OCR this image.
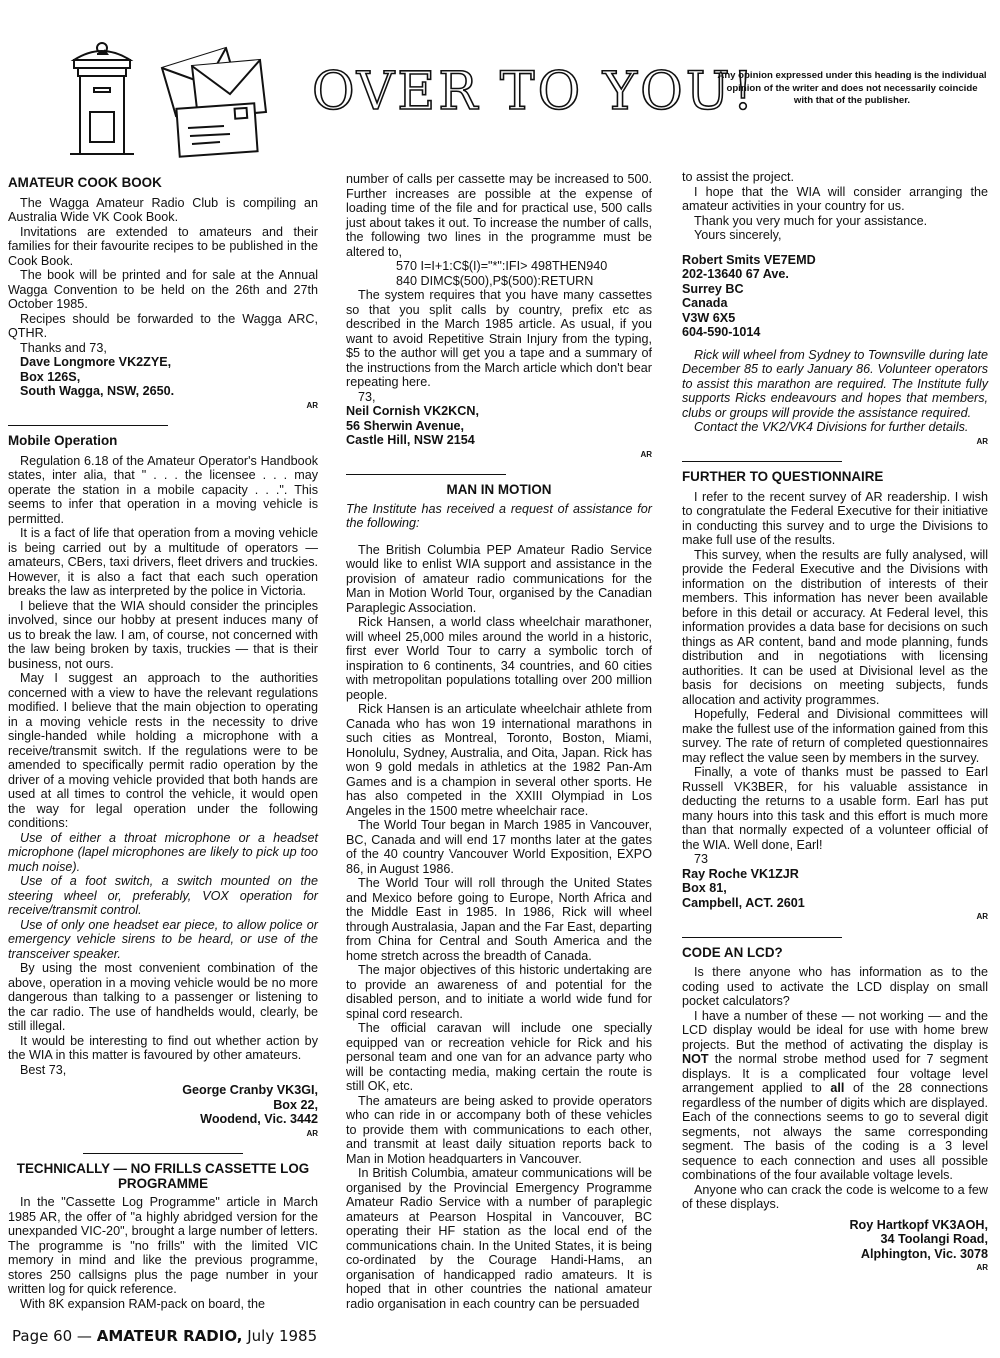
OVER TO YOU!
Any opinion expressed under this heading is the individual opinion of the writer and does not necessarily coincide with that of the publisher.
AMATEUR COOK BOOK

The Wagga Amateur Radio Club is compiling an Australia Wide VK Cook Book.

Invitations are extended to amateurs and their families for their favourite recipes to be published in the Cook Book.

The book will be printed and for sale at the Annual Wagga Convention to be held on the 26th and 27th October 1985.

Recipes should be forwarded to the Wagga ARC, QTHR.

Thanks and 73,

Dave Longmore VK2ZYE,

Box 126S,

South Wagga, NSW, 2650.

AR

Mobile Operation

Regulation 6.18 of the Amateur Operator's Handbook states, inter alia, that " . . . the licensee . . . may operate the station in a mobile capacity . . .". This seems to infer that operation in a moving vehicle is permitted.

It is a fact of life that operation from a moving vehicle is being carried out by a multitude of operators — amateurs, CBers, taxi drivers, fleet drivers and truckies. However, it is also a fact that each such operation breaks the law as interpreted by the police in Victoria.

I believe that the WIA should consider the principles involved, since our hobby at present induces many of us to break the law. I am, of course, not concerned with the law being broken by taxis, truckies — that is their business, not ours.

May I suggest an approach to the authorities concerned with a view to have the relevant regulations modified. I believe that the main objection to operating in a moving vehicle rests in the necessity to drive single-handed while holding a microphone with a receive/transmit switch. If the regulations were to be amended to specifically permit radio operation by the driver of a moving vehicle provided that both hands are used at all times to control the vehicle, it would open the way for legal operation under the following conditions:

Use of either a throat microphone or a headset microphone (lapel microphones are likely to pick up too much noise).

Use of a foot switch, a switch mounted on the steering wheel or, preferably, VOX operation for receive/transmit control.

Use of only one headset ear piece, to allow police or emergency vehicle sirens to be heard, or use of the transceiver speaker.

By using the most convenient combination of the above, operation in a moving vehicle would be no more dangerous than talking to a passenger or listening to the car radio. The use of handhelds would, clearly, be still illegal.

It would be interesting to find out whether action by the WIA in this matter is favoured by other amateurs.

Best 73,

George Cranby VK3GI,

Box 22,

Woodend, Vic. 3442

AR

TECHNICALLY — NO FRILLS CASSETTE LOG PROGRAMME

In the "Cassette Log Programme" article in March 1985 AR, the offer of "a highly abridged version for the unexpanded VIC-20", brought a large number of letters. The programme is "no frills" with the limited VIC memory in mind and like the previous programme, stores 250 callsigns plus the page number in your written log for quick reference.

With 8K expansion RAM-pack on board, the

number of calls per cassette may be increased to 500. Further increases are possible at the expense of loading time of the file and for practical use, 500 calls just about takes it out. To increase the number of calls, the following two lines in the programme must be altered to,

570 I=I+1:C$(I)="*":IFI> 498THEN940

840 DIMC$(500),P$(500):RETURN

The system requires that you have many cassettes so that you split calls by country, prefix etc as described in the March 1985 article. As usual, if you want to avoid Repetitive Strain Injury from the typing, $5 to the author will get you a tape and a summary of the instructions from the March article which don't bear repeating here.

73,

Neil Cornish VK2KCN,

56 Sherwin Avenue,

Castle Hill, NSW 2154

AR

MAN IN MOTION

The Institute has received a request of assistance for the following:

The British Columbia PEP Amateur Radio Service would like to enlist WIA support and assistance in the provision of amateur radio communications for the Man in Motion World Tour, organised by the Canadian Paraplegic Association.

Rick Hansen, a world class wheelchair marathoner, will wheel 25,000 miles around the world in a historic, first ever World Tour to carry a symbolic torch of inspiration to 6 continents, 34 countries, and 60 cities with metropolitan populations totalling over 200 million people.

Rick Hansen is an articulate wheelchair athlete from Canada who has won 19 international marathons in such cities as Montreal, Toronto, Boston, Miami, Honolulu, Sydney, Australia, and Oita, Japan. Rick has won 9 gold medals in athletics at the 1982 Pan-Am Games and is a champion in several other sports. He has also competed in the XXIII Olympiad in Los Angeles in the 1500 metre wheelchair race.

The World Tour began in March 1985 in Vancouver, BC, Canada and will end 17 months later at the gates of the 40 country Vancouver World Exposition, EXPO 86, in August 1986.

The World Tour will roll through the United States and Mexico before going to Europe, North Africa and the Middle East in 1985. In 1986, Rick will wheel through Australasia, Japan and the Far East, departing from China for Central and South America and the home stretch across the breadth of Canada.

The major objectives of this historic undertaking are to provide an awareness of and potential for the disabled person, and to initiate a world wide fund for spinal cord research.

The official caravan will include one specially equipped van or recreation vehicle for Rick and his personal team and one van for an advance party who will be contacting media, making certain the route is still OK, etc.

The amateurs are being asked to provide operators who can ride in or accompany both of these vehicles to provide them with communications to each other, and transmit at least daily situation reports back to Man in Motion headquarters in Vancouver.

In British Columbia, amateur communications will be organised by the Provincial Emergency Programme Amateur Radio Service with a number of paraplegic amateurs at Pearson Hospital in Vancouver, BC operating their HF station as the local end of the communications chain. In the United States, it is being co-ordinated by the Courage Handi-Hams, an organisation of handicapped radio amateurs. It is hoped that in other countries the national amateur radio organisation in each country can be persuaded

to assist the project.

I hope that the WIA will consider arranging the amateur activities in your country for us.

Thank you very much for your assistance.

Yours sincerely,

Robert Smits VE7EMD

202-13640 67 Ave.

Surrey BC

Canada

V3W 6X5

604-590-1014

Rick will wheel from Sydney to Townsville during late December 85 to early January 86. Volunteer operators to assist this marathon are required. The Institute fully supports Ricks endeavours and hopes that members, clubs or groups will provide the assistance required.

Contact the VK2/VK4 Divisions for further details.

AR

FURTHER TO QUESTIONNAIRE

I refer to the recent survey of AR readership. I wish to congratulate the Federal Executive for their initiative in conducting this survey and to urge the Divisions to make full use of the results.

This survey, when the results are fully analysed, will provide the Federal Executive and the Divisions with information on the distribution of interests of their members. This information has never been available before in this detail or accuracy. At Federal level, this information provides a data base for decisions on such things as AR content, band and mode planning, funds distribution and in negotiations with licensing authorities. It can be used at Divisional level as the basis for decisions on meeting subjects, funds allocation and activity programmes.

Hopefully, Federal and Divisional committees will make the fullest use of the information gained from this survey. The rate of return of completed questionnaires may reflect the value seen by members in the survey.

Finally, a vote of thanks must be passed to Earl Russell VK3BER, for his valuable assistance in deducting the returns to a usable form. Earl has put many hours into this task and this effort is much more than that normally expected of a volunteer official of the WIA. Well done, Earl!

73

Ray Roche VK1ZJR

Box 81,

Campbell, ACT. 2601

AR

CODE AN LCD?

Is there anyone who has information as to the coding used to activate the LCD display on small pocket calculators?

I have a number of these — not working — and the LCD display would be ideal for use with home brew projects. But the method of activating the display is NOT the normal strobe method used for 7 segment displays. It is a complicated four voltage level arrangement applied to all of the 28 connections regardless of the number of digits which are displayed. Each of the connections seems to go to several digit segments, not always the same corresponding segment. The basis of the coding is a 3 level sequence to each connection and uses all possible combinations of the four available voltage levels.

Anyone who can crack the code is welcome to a few of these displays.

Roy Hartkopf VK3AOH,

34 Toolangi Road,

Alphington, Vic. 3078

AR

Page 60 — AMATEUR RADIO, July 1985
